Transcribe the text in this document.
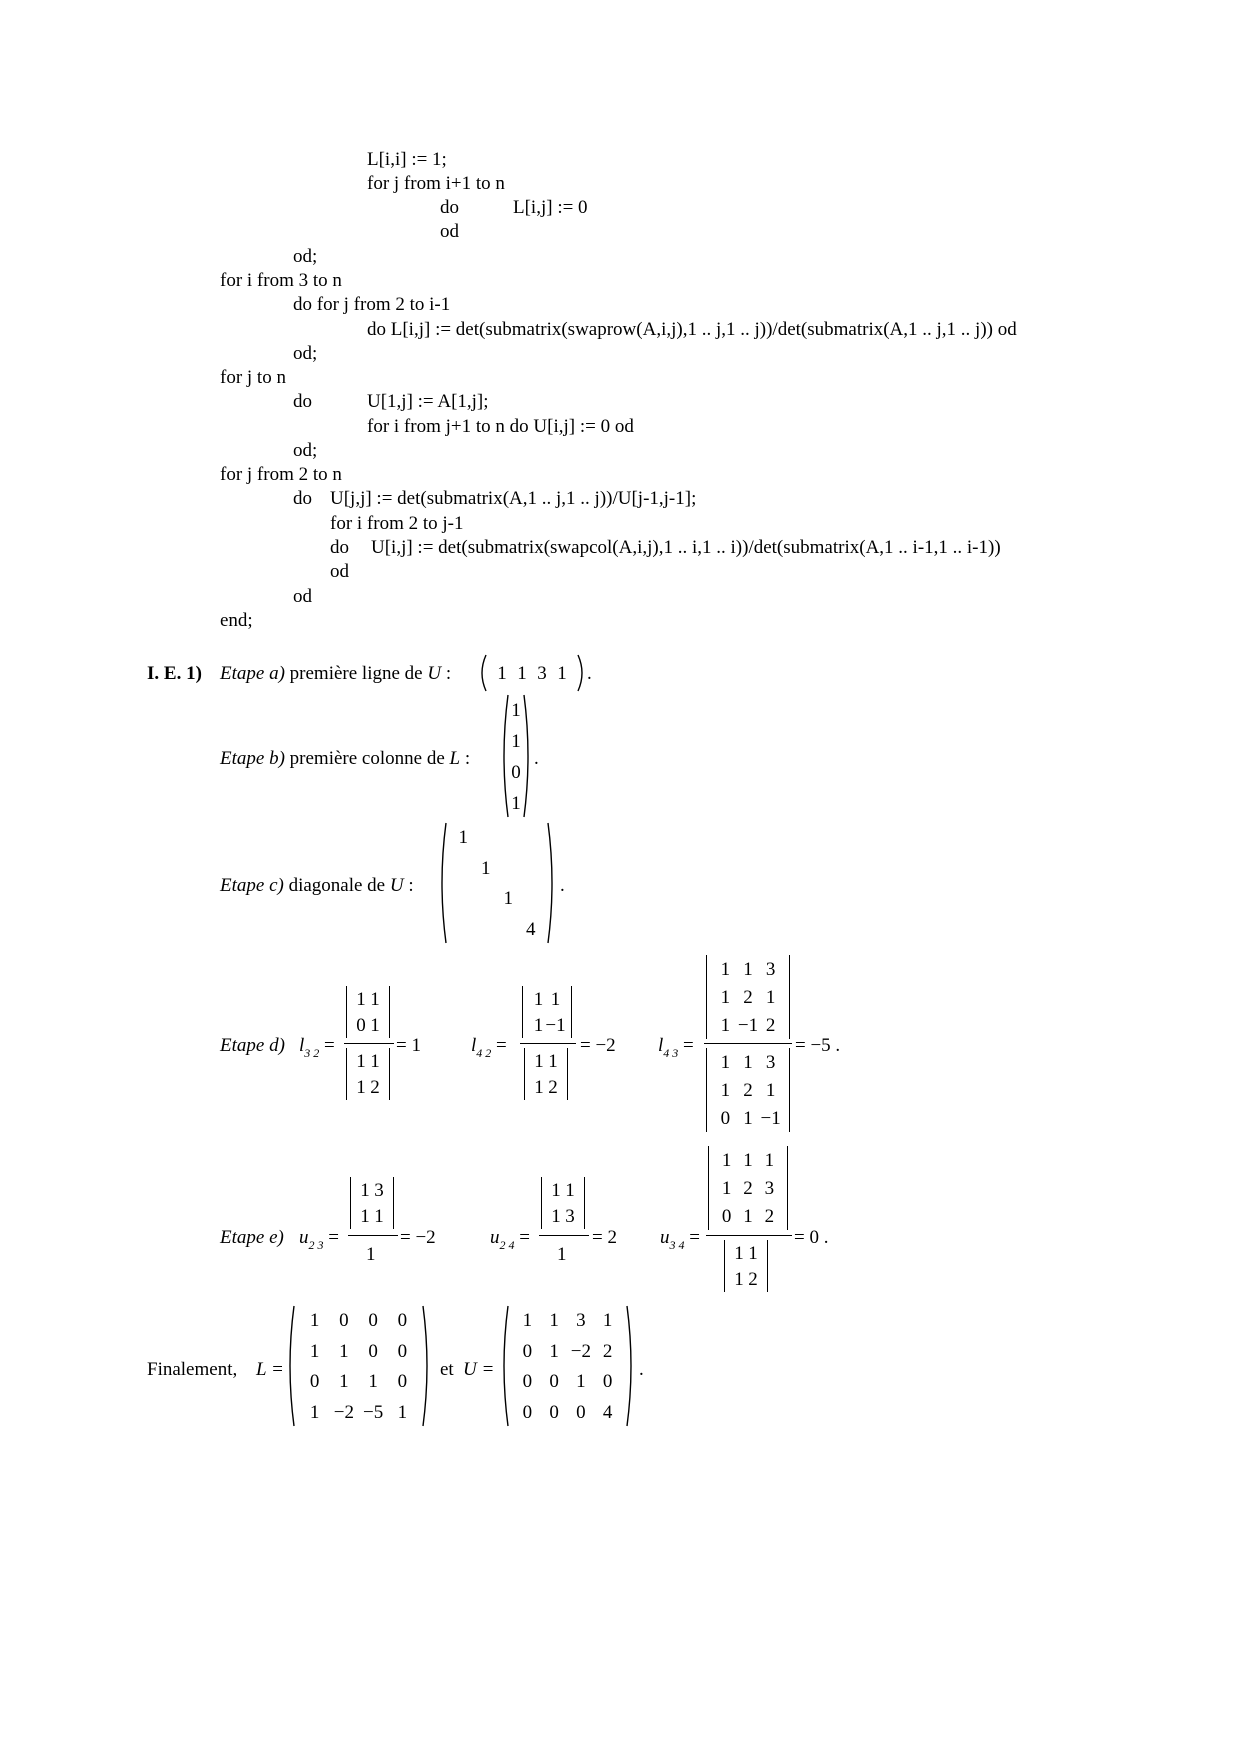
L[i,i] := 1;
for j from i+1 to n
do	L[i,j] := 0
od
od;
for i from 3 to n
do for j from 2 to i-1
do L[i,j] := det(submatrix(swaprow(A,i,j),1 .. j,1 .. j))/det(submatrix(A,1 .. j,1 .. j)) od
od;
for j to n
do	U[1,j] := A[1,j];
for i from j+1 to n do U[i,j] := 0 od
od;
for j from 2 to n
do U[j,j] := det(submatrix(A,1 .. j,1 .. j))/U[j-1,j-1];
for i from 2 to j-1
do U[i,j] := det(submatrix(swapcol(A,i,j),1 .. i,1 .. i))/det(submatrix(A,1 .. i-1,1 .. i-1))
od
od
end;
I. E. 1) Etape a) première ligne de U : 1 1 3 1 .
Etape b) première colonne de L :
1
1
0
1
.
Etape c) diagonale de U :
1
1
1
4
.
Etape d) $l_{3 2}$ =
1 1
0 1
1 1
1 2
= 1	$l_{4 2}$ =
1 1
1 −1
1 1
1 2
= −2 $l_{4 3}$ =
1 1 3
1 2 1
1 −1 2
1 1 3
1 2 1
0 1 −1
= −5 .
Etape e) $u_{2 3}$ =
1 3
1 1
1
= −2	$u_{2 4}$ =
1 1
1 3
1
= 2 $u_{3 4}$ =
1 1 1
1 2 3
0 1 2
1 1
1 2
= 0 .
Finalement, L =
1 0 0 0
1 1 0 0
0 1 1 0
1 −2 −5 1
et U =
1 1 3 1
0 1 −2 2
0 0 1 0
0 0 0 4
.
